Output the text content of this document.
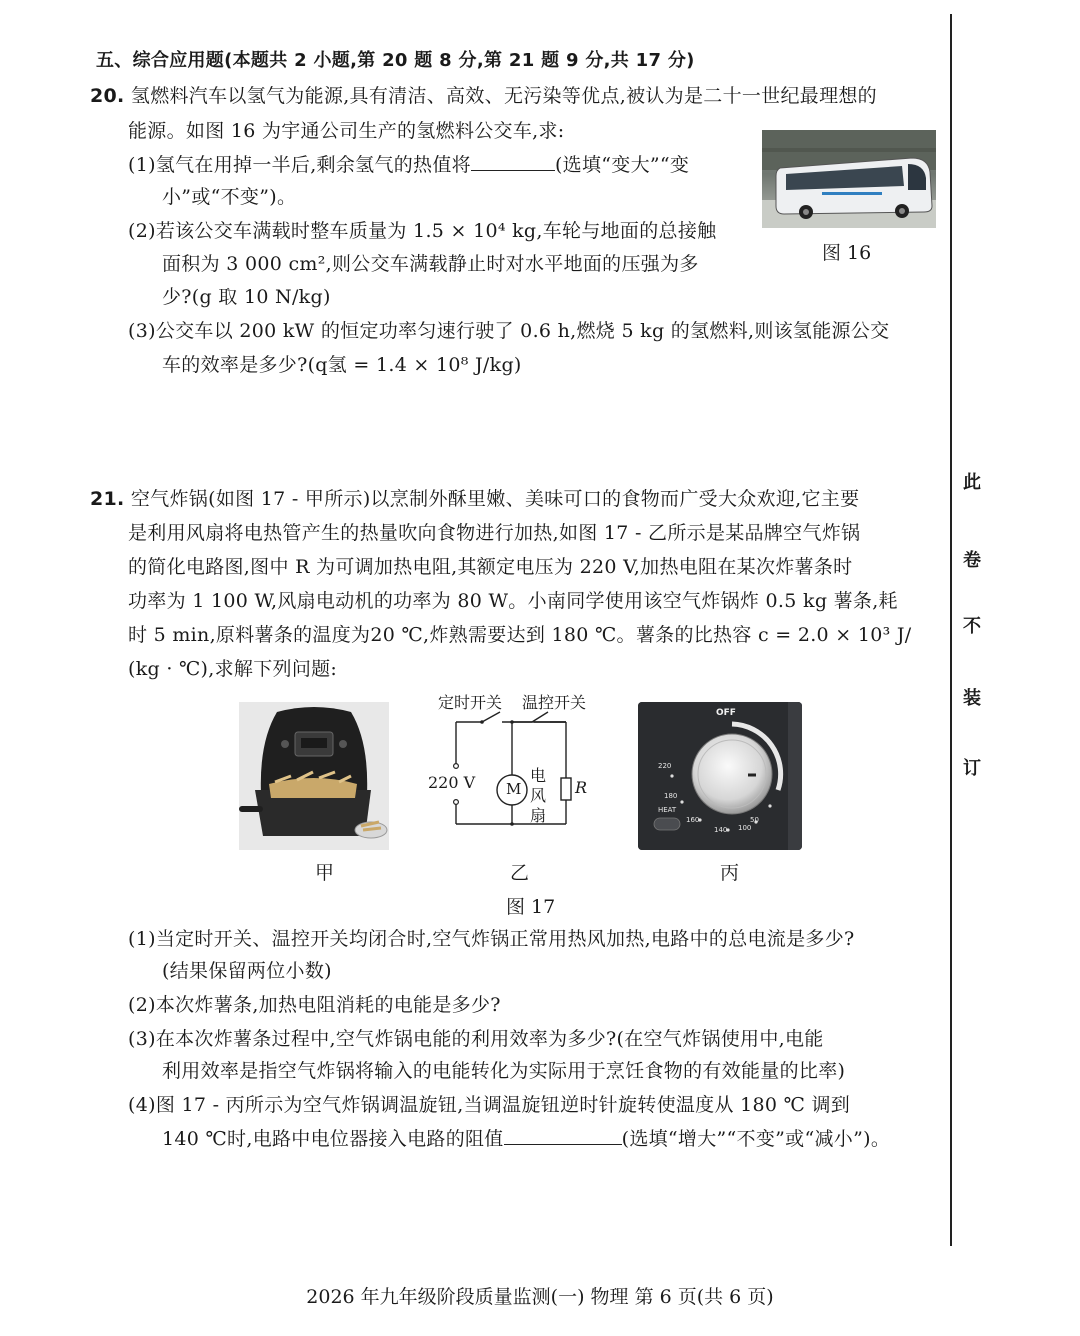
五、综合应用题(本题共 2 小题,第 20 题 8 分,第 21 题 9 分,共 17 分)
20. 氢燃料汽车以氢气为能源,具有清洁、高效、无污染等优点,被认为是二十一世纪最理想的
能源。如图 16 为宇通公司生产的氢燃料公交车,求:
(1)氢气在用掉一半后,剩余氢气的热值将	(选填“变大”“变
小”或“不变”)。
(2)若该公交车满载时整车质量为 1.5 × 10⁴ kg,车轮与地面的总接触
面积为 3 000 cm²,则公交车满载静止时对水平地面的压强为多
少?(g 取 10 N/kg)
(3)公交车以 200 kW 的恒定功率匀速行驶了 0.6 h,燃烧 5 kg 的氢燃料,则该氢能源公交
车的效率是多少?(q氢 = 1.4 × 10⁸ J/kg)
图 16
21. 空气炸锅(如图 17 - 甲所示)以烹制外酥里嫩、美味可口的食物而广受大众欢迎,它主要
是利用风扇将电热管产生的热量吹向食物进行加热,如图 17 - 乙所示是某品牌空气炸锅
的简化电路图,图中 R 为可调加热电阻,其额定电压为 220 V,加热电阻在某次炸薯条时
功率为 1 100 W,风扇电动机的功率为 80 W。小南同学使用该空气炸锅炸 0.5 kg 薯条,耗
时 5 min,原料薯条的温度为20 ℃,炸熟需要达到 180 ℃。薯条的比热容 c = 2.0 × 10³ J/
(kg · ℃),求解下列问题:
甲
定时开关 温控开关
220 V M
电
风
扇
R
乙
OFF
220
180
HEAT
160
140 100
50
丙
图 17
(1)当定时开关、温控开关均闭合时,空气炸锅正常用热风加热,电路中的总电流是多少?
(结果保留两位小数)
(2)本次炸薯条,加热电阻消耗的电能是多少?
(3)在本次炸薯条过程中,空气炸锅电能的利用效率为多少?(在空气炸锅使用中,电能
利用效率是指空气炸锅将输入的电能转化为实际用于烹饪食物的有效能量的比率)
(4)图 17 - 丙所示为空气炸锅调温旋钮,当调温旋钮逆时针旋转使温度从 180 ℃ 调到
140 ℃时,电路中电位器接入电路的阻值	(选填“增大”“不变”或“减小”)。
此
卷
不
装
订
2026 年九年级阶段质量监测(一) 物理 第 6 页(共 6 页)
